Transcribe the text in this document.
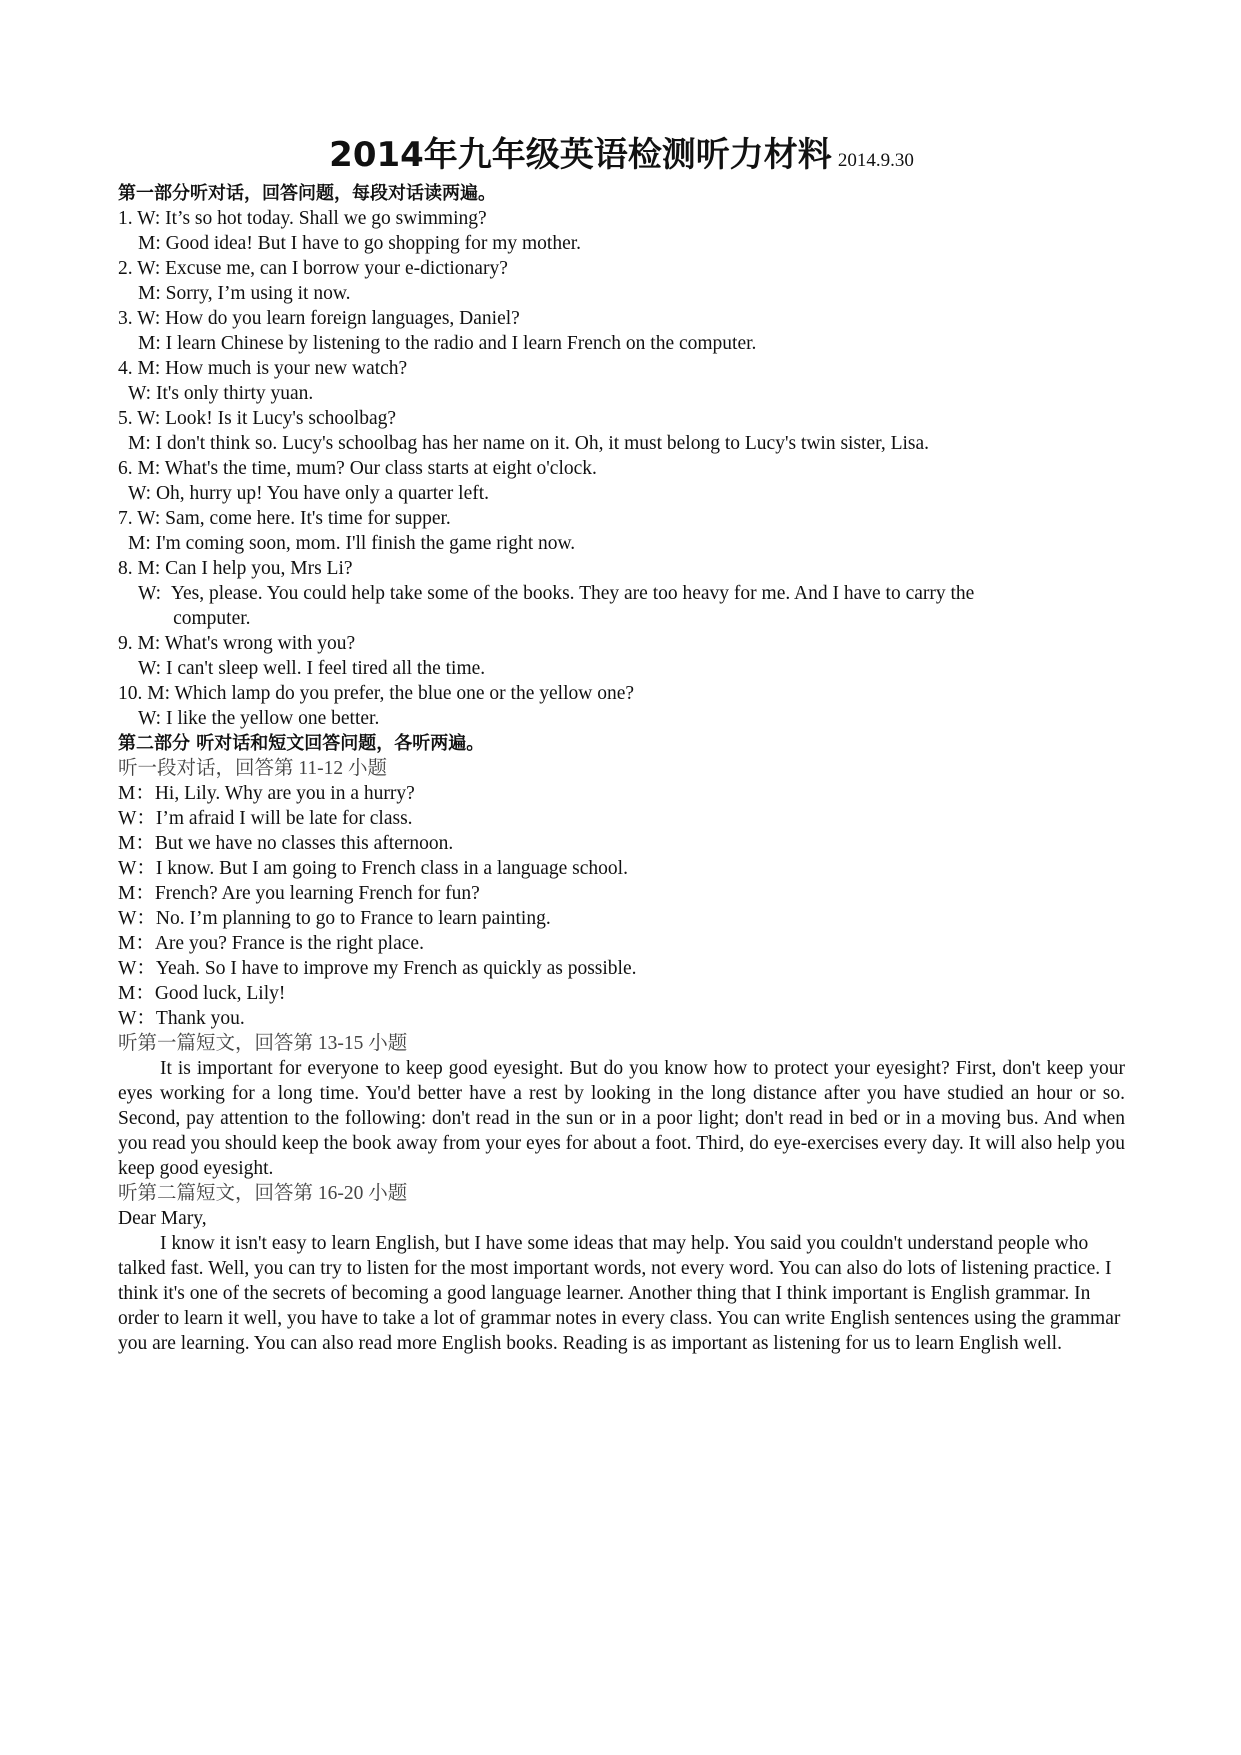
2014年九年级英语检测听力材料 2014.9.30
第一部分听对话，回答问题，每段对话读两遍。
1. W: It’s so hot today. Shall we go swimming?
M: Good idea! But I have to go shopping for my mother.
2. W: Excuse me, can I borrow your e-dictionary?
M: Sorry, I’m using it now.
3. W: How do you learn foreign languages, Daniel?
M: I learn Chinese by listening to the radio and I learn French on the computer.
4. M: How much is your new watch?
W: It's only thirty yuan.
5. W: Look! Is it Lucy's schoolbag?
M: I don't think so. Lucy's schoolbag has her name on it. Oh, it must belong to Lucy's twin sister, Lisa.
6. M: What's the time, mum? Our class starts at eight o'clock.
W: Oh, hurry up! You have only a quarter left.
7. W: Sam, come here. It's time for supper.
M: I'm coming soon, mom. I'll finish the game right now.
8. M: Can I help you, Mrs Li?
W: Yes, please. You could help take some of the books. They are too heavy for me. And I have to carry the
computer.
9. M: What's wrong with you?
W: I can't sleep well. I feel tired all the time.
10. M: Which lamp do you prefer, the blue one or the yellow one?
W: I like the yellow one better.
第二部分 听对话和短文回答问题，各听两遍。
听一段对话，回答第 11-12 小题
M：Hi, Lily. Why are you in a hurry?
W：I’m afraid I will be late for class.
M：But we have no classes this afternoon.
W：I know. But I am going to French class in a language school.
M：French? Are you learning French for fun?
W：No. I’m planning to go to France to learn painting.
M：Are you? France is the right place.
W：Yeah. So I have to improve my French as quickly as possible.
M：Good luck, Lily!
W：Thank you.
听第一篇短文，回答第 13-15 小题
It is important for everyone to keep good eyesight. But do you know how to protect your eyesight? First, don't keep your eyes working for a long time. You'd better have a rest by looking in the long distance after you have studied an hour or so. Second, pay attention to the following: don't read in the sun or in a poor light; don't read in bed or in a moving bus. And when you read you should keep the book away from your eyes for about a foot. Third, do eye-exercises every day. It will also help you keep good eyesight.
听第二篇短文，回答第 16-20 小题
Dear Mary,
I know it isn't easy to learn English, but I have some ideas that may help. You said you couldn't understand people who talked fast. Well, you can try to listen for the most important words, not every word. You can also do lots of listening practice. I think it's one of the secrets of becoming a good language learner. Another thing that I think important is English grammar. In order to learn it well, you have to take a lot of grammar notes in every class. You can write English sentences using the grammar you are learning. You can also read more English books. Reading is as important as listening for us to learn English well.
